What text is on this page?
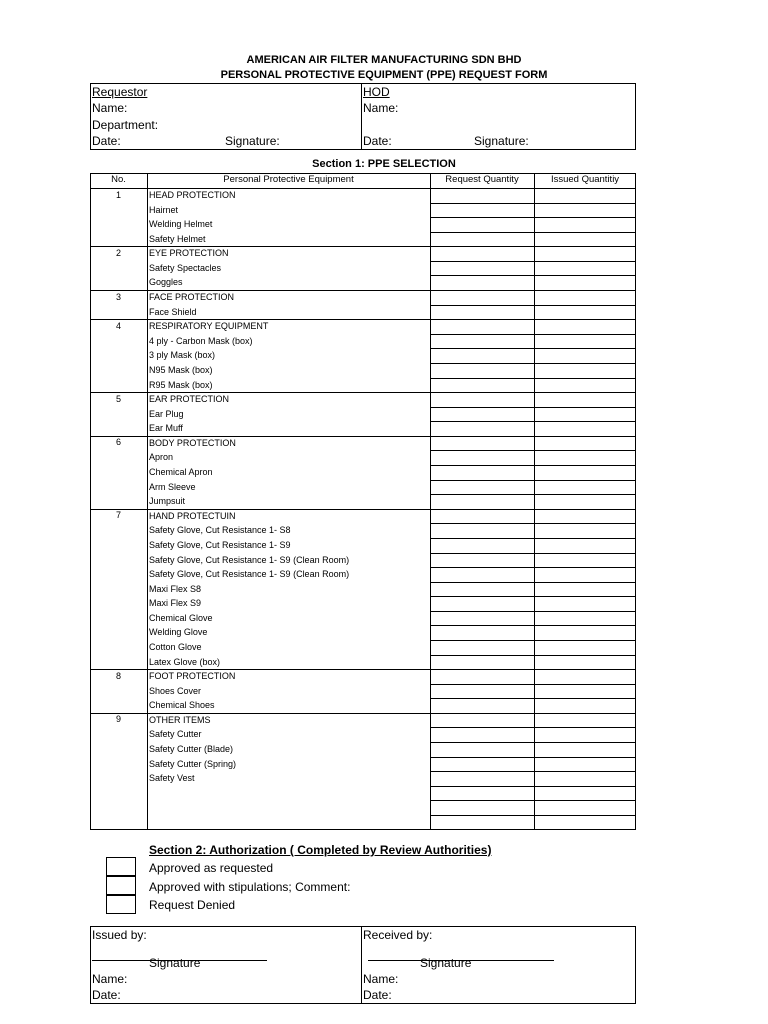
AMERICAN AIR FILTER MANUFACTURING SDN BHD
PERSONAL PROTECTIVE EQUIPMENT (PPE) REQUEST FORM
Requestor
Name:
Department:
Date:	Signature:
HOD
Name:
Date:	Signature:
Section 1: PPE SELECTION
No.	Personal Protective Equipment	Request Quantity	Issued Quantitiy
1	HEAD PROTECTION
Hairnet
Welding Helmet
Safety Helmet
2	EYE PROTECTION
Safety Spectacles
Goggles
3	FACE PROTECTION
Face Shield
4	RESPIRATORY EQUIPMENT
4 ply - Carbon Mask (box)
3 ply Mask (box)
N95 Mask (box)
R95 Mask (box)
5	EAR PROTECTION
Ear Plug
Ear Muff
6	BODY PROTECTION
Apron
Chemical Apron
Arm Sleeve
Jumpsuit
7	HAND PROTECTUIN
Safety Glove, Cut Resistance 1- S8
Safety Glove, Cut Resistance 1- S9
Safety Glove, Cut Resistance 1- S9 (Clean Room)
Safety Glove, Cut Resistance 1- S9 (Clean Room)
Maxi Flex S8
Maxi Flex S9
Chemical Glove
Welding Glove
Cotton Glove
Latex Glove (box)
8	FOOT PROTECTION
Shoes Cover
Chemical Shoes
9	OTHER ITEMS
Safety Cutter
Safety Cutter (Blade)
Safety Cutter (Spring)
Safety Vest
Section 2: Authorization ( Completed by Review Authorities)
Approved as requested
Approved with stipulations; Comment:
Request Denied
Issued by:
Signature
Name:
Date:
Received by:
Signature
Name:
Date:
